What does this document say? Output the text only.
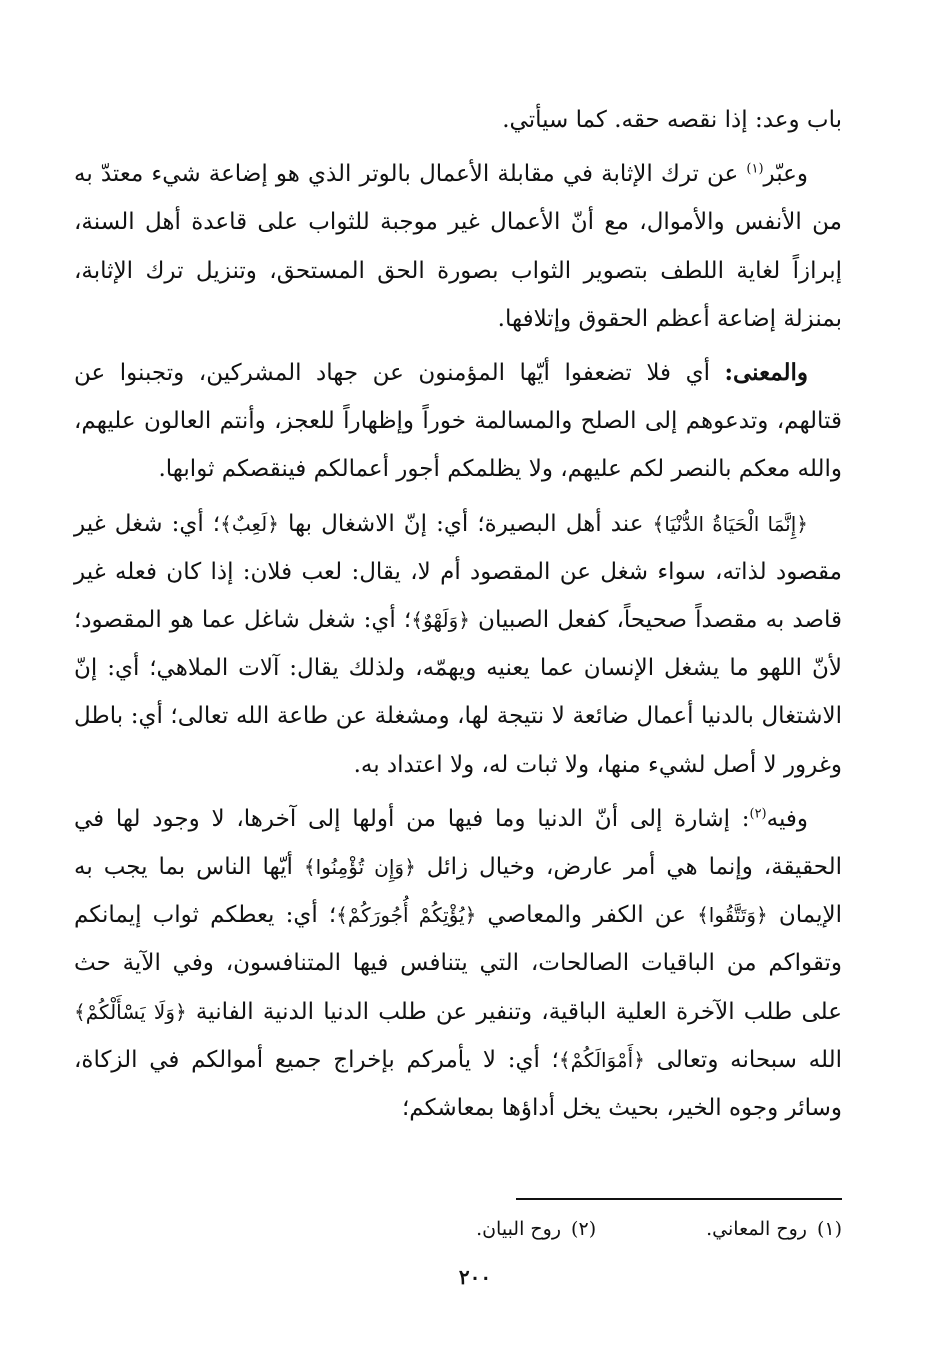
باب وعد: إذا نقصه حقه. كما سيأتي.

وعبّر$^{(١)}$ عن ترك الإثابة في مقابلة الأعمال بالوتر الذي هو إضاعة شيء معتدّ به من الأنفس والأموال، مع أنّ الأعمال غير موجبة للثواب على قاعدة أهل السنة، إبرازاً لغاية اللطف بتصوير الثواب بصورة الحق المستحق، وتنزيل ترك الإثابة، بمنزلة إضاعة أعظم الحقوق وإتلافها.

والمعنى: أي فلا تضعفوا أيّها المؤمنون عن جهاد المشركين، وتجبنوا عن قتالهم، وتدعوهم إلى الصلح والمسالمة خوراً وإظهاراً للعجز، وأنتم العالون عليهم، والله معكم بالنصر لكم عليهم، ولا يظلمكم أجور أعمالكم فينقصكم ثوابها.

﴿إِنَّمَا الْحَيَاةُ الدُّنْيَا﴾ عند أهل البصيرة؛ أي: إنّ الاشغال بها ﴿لَعِبٌ﴾؛ أي: شغل غير مقصود لذاته، سواء شغل عن المقصود أم لا، يقال: لعب فلان: إذا كان فعله غير قاصد به مقصداً صحيحاً، كفعل الصبيان ﴿وَلَهْوٌ﴾؛ أي: شغل شاغل عما هو المقصود؛ لأنّ اللهو ما يشغل الإنسان عما يعنيه ويهمّه، ولذلك يقال: آلات الملاهي؛ أي: إنّ الاشتغال بالدنيا أعمال ضائعة لا نتيجة لها، ومشغلة عن طاعة الله تعالى؛ أي: باطل وغرور لا أصل لشيء منها، ولا ثبات له، ولا اعتداد به.

وفيه$^{(٢)}$: إشارة إلى أنّ الدنيا وما فيها من أولها إلى آخرها، لا وجود لها في الحقيقة، وإنما هي أمر عارض، وخيال زائل ﴿وَإِن تُؤْمِنُوا﴾ أيّها الناس بما يجب به الإيمان ﴿وَتَتَّقُوا﴾ عن الكفر والمعاصي ﴿يُؤْتِكُمْ أُجُورَكُمْ﴾؛ أي: يعطكم ثواب إيمانكم وتقواكم من الباقيات الصالحات، التي يتنافس فيها المتنافسون، وفي الآية حث على طلب الآخرة العلية الباقية، وتنفير عن طلب الدنيا الدنية الفانية ﴿وَلَا يَسْأَلْكُمْ﴾ الله سبحانه وتعالى ﴿أَمْوَالَكُمْ﴾؛ أي: لا يأمركم بإخراج جميع أموالكم في الزكاة، وسائر وجوه الخير، بحيث يخل أداؤها بمعاشكم؛

(١)روح المعاني.
(٢)روح البيان.
٢٠٠
